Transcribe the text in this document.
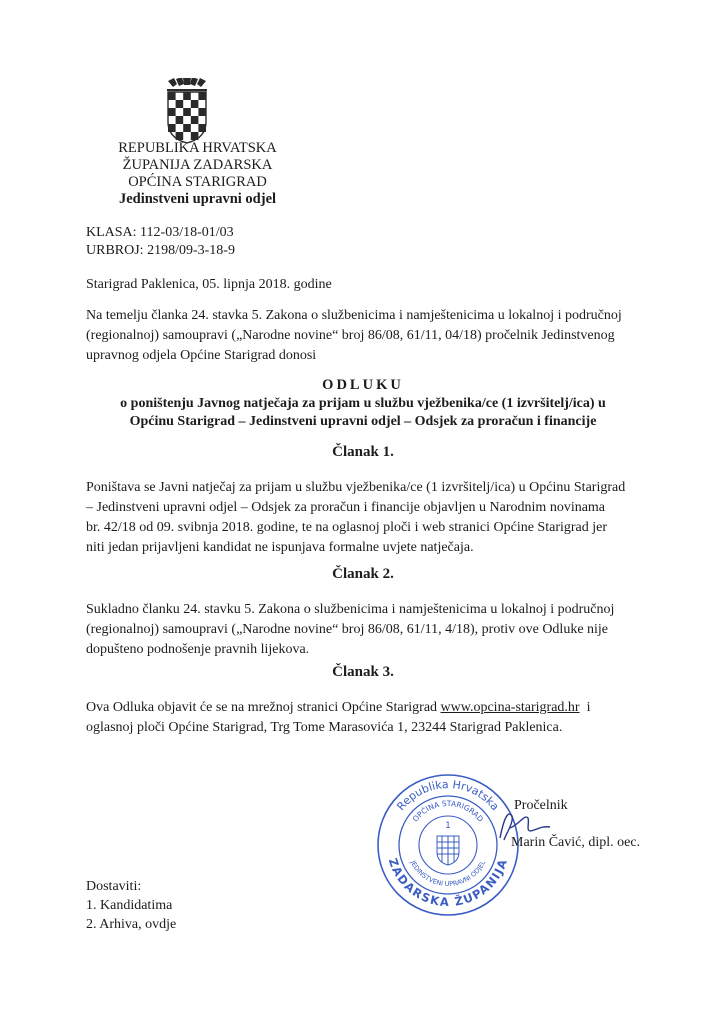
REPUBLIKA HRVATSKA
ŽUPANIJA ZADARSKA
OPĆINA STARIGRAD
Jedinstveni upravni odjel
KLASA: 112-03/18-01/03
URBROJ: 2198/09-3-18-9
Starigrad Paklenica, 05. lipnja 2018. godine
Na temelju članka 24. stavka 5. Zakona o službenicima i namještenicima u lokalnoj i područnoj
(regionalnoj) samoupravi („Narodne novine“ broj 86/08, 61/11, 04/18) pročelnik Jedinstvenog
upravnog odjela Općine Starigrad donosi
ODLUKU
o poništenju Javnog natječaja za prijam u službu vježbenika/ce (1 izvršitelj/ica) u
Općinu Starigrad – Jedinstveni upravni odjel – Odsjek za proračun i financije
Članak 1.
Poništava se Javni natječaj za prijam u službu vježbenika/ce (1 izvršitelj/ica) u Općinu Starigrad
– Jedinstveni upravni odjel – Odsjek za proračun i financije objavljen u Narodnim novinama
br. 42/18 od 09. svibnja 2018. godine, te na oglasnoj ploči i web stranici Općine Starigrad jer
niti jedan prijavljeni kandidat ne ispunjava formalne uvjete natječaja.
Članak 2.
Sukladno članku 24. stavku 5. Zakona o službenicima i namještenicima u lokalnoj i područnoj
(regionalnoj) samoupravi („Narodne novine“ broj 86/08, 61/11, 4/18), protiv ove Odluke nije
dopušteno podnošenje pravnih lijekova.
Članak 3.
Ova Odluka objavit će se na mrežnoj stranici Općine Starigrad www.opcina-starigrad.hr i
oglasnoj ploči Općine Starigrad, Trg Tome Marasovića 1, 23244 Starigrad Paklenica.
Republika Hrvatska
ZADARSKA ŽUPANIJA
OPĆINA STARIGRAD
JEDINSTVENI UPRAVNI ODJEL
1
Pročelnik
Marin Čavić, dipl. oec.
Dostaviti:
1. Kandidatima
2. Arhiva, ovdje
